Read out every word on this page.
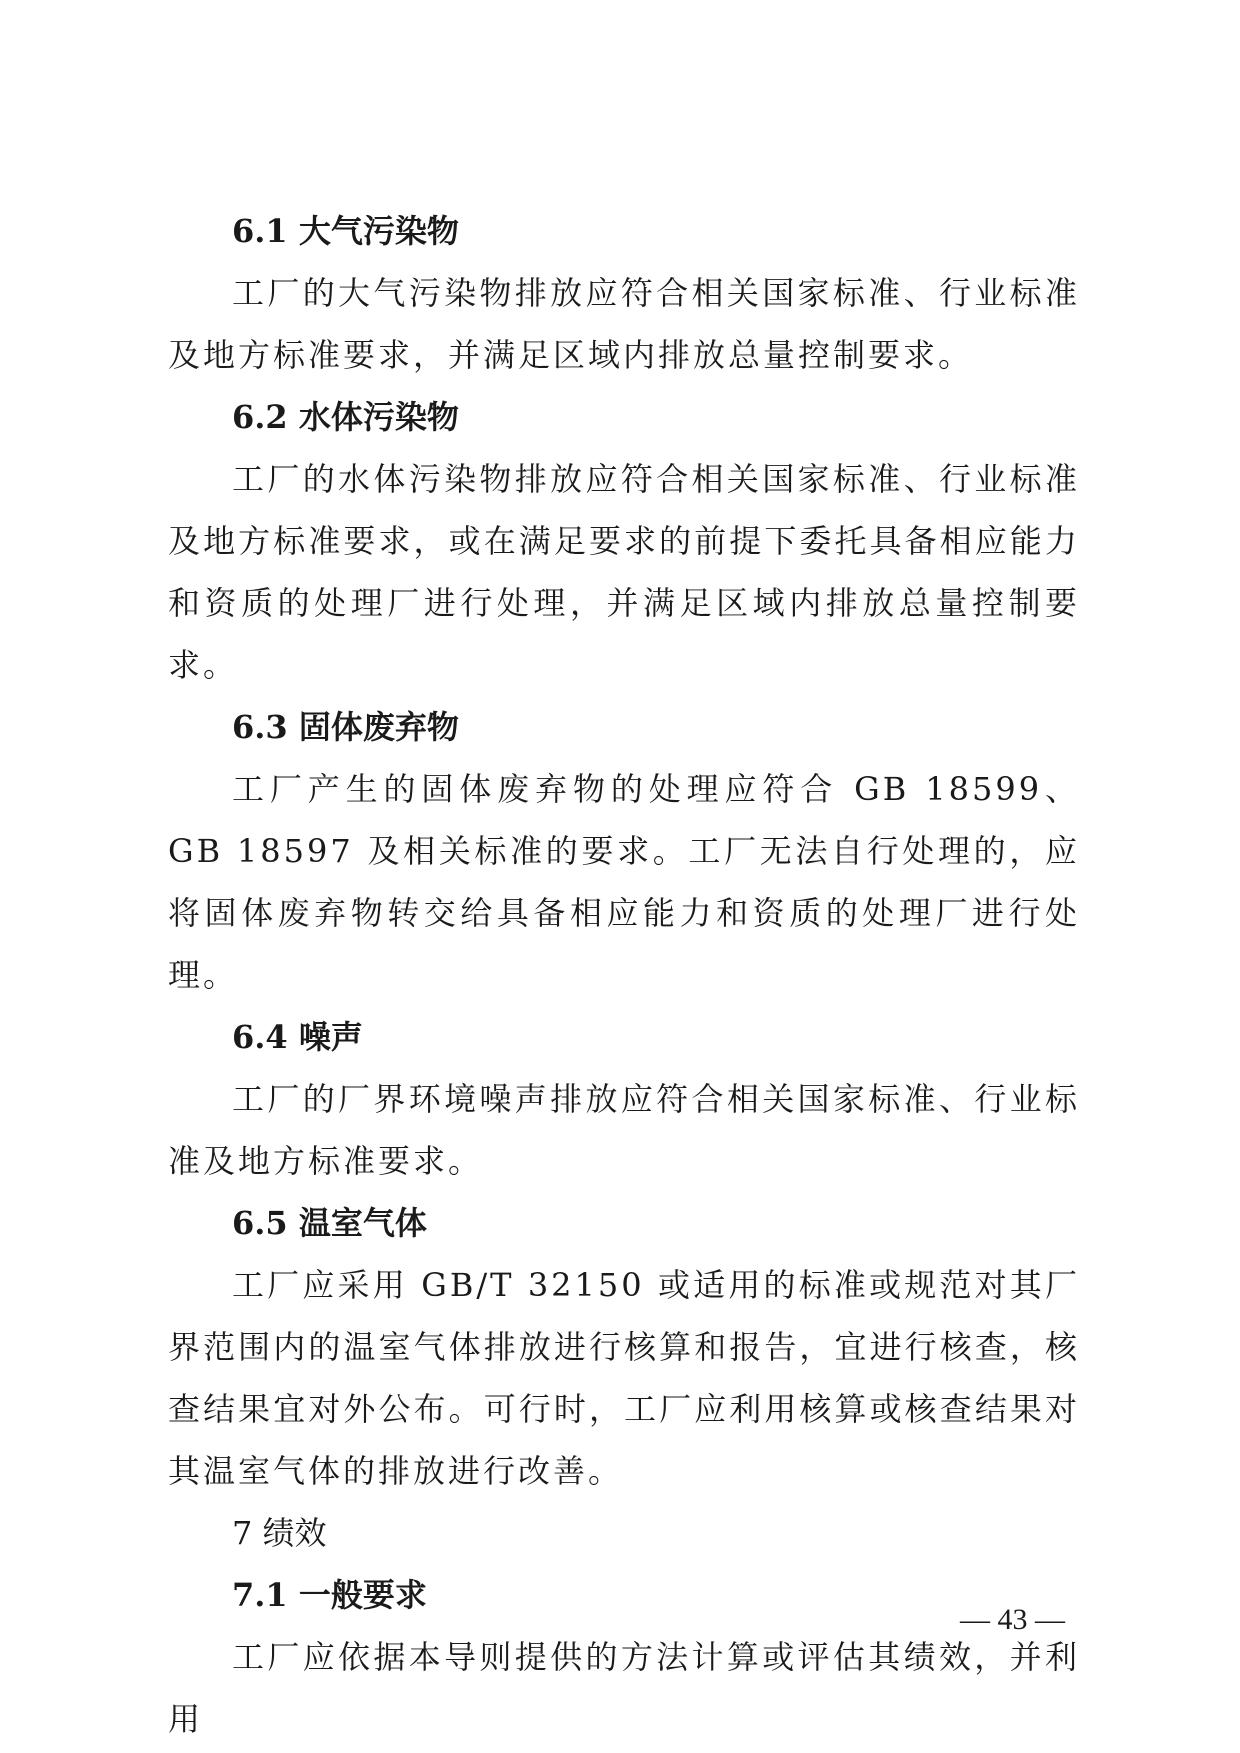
6.1 大气污染物

工厂的大气污染物排放应符合相关国家标准、行业标准及地方标准要求，并满足区域内排放总量控制要求。

6.2 水体污染物

工厂的水体污染物排放应符合相关国家标准、行业标准及地方标准要求，或在满足要求的前提下委托具备相应能力和资质的处理厂进行处理，并满足区域内排放总量控制要求。

6.3 固体废弃物

工厂产生的固体废弃物的处理应符合 GB 18599、GB 18597 及相关标准的要求。工厂无法自行处理的，应将固体废弃物转交给具备相应能力和资质的处理厂进行处理。

6.4 噪声

工厂的厂界环境噪声排放应符合相关国家标准、行业标准及地方标准要求。

6.5 温室气体

工厂应采用 GB/T 32150 或适用的标准或规范对其厂界范围内的温室气体排放进行核算和报告，宜进行核查，核查结果宜对外公布。可行时，工厂应利用核算或核查结果对其温室气体的排放进行改善。

7 绩效
7.1 一般要求

工厂应依据本导则提供的方法计算或评估其绩效，并利用

— 43 —
